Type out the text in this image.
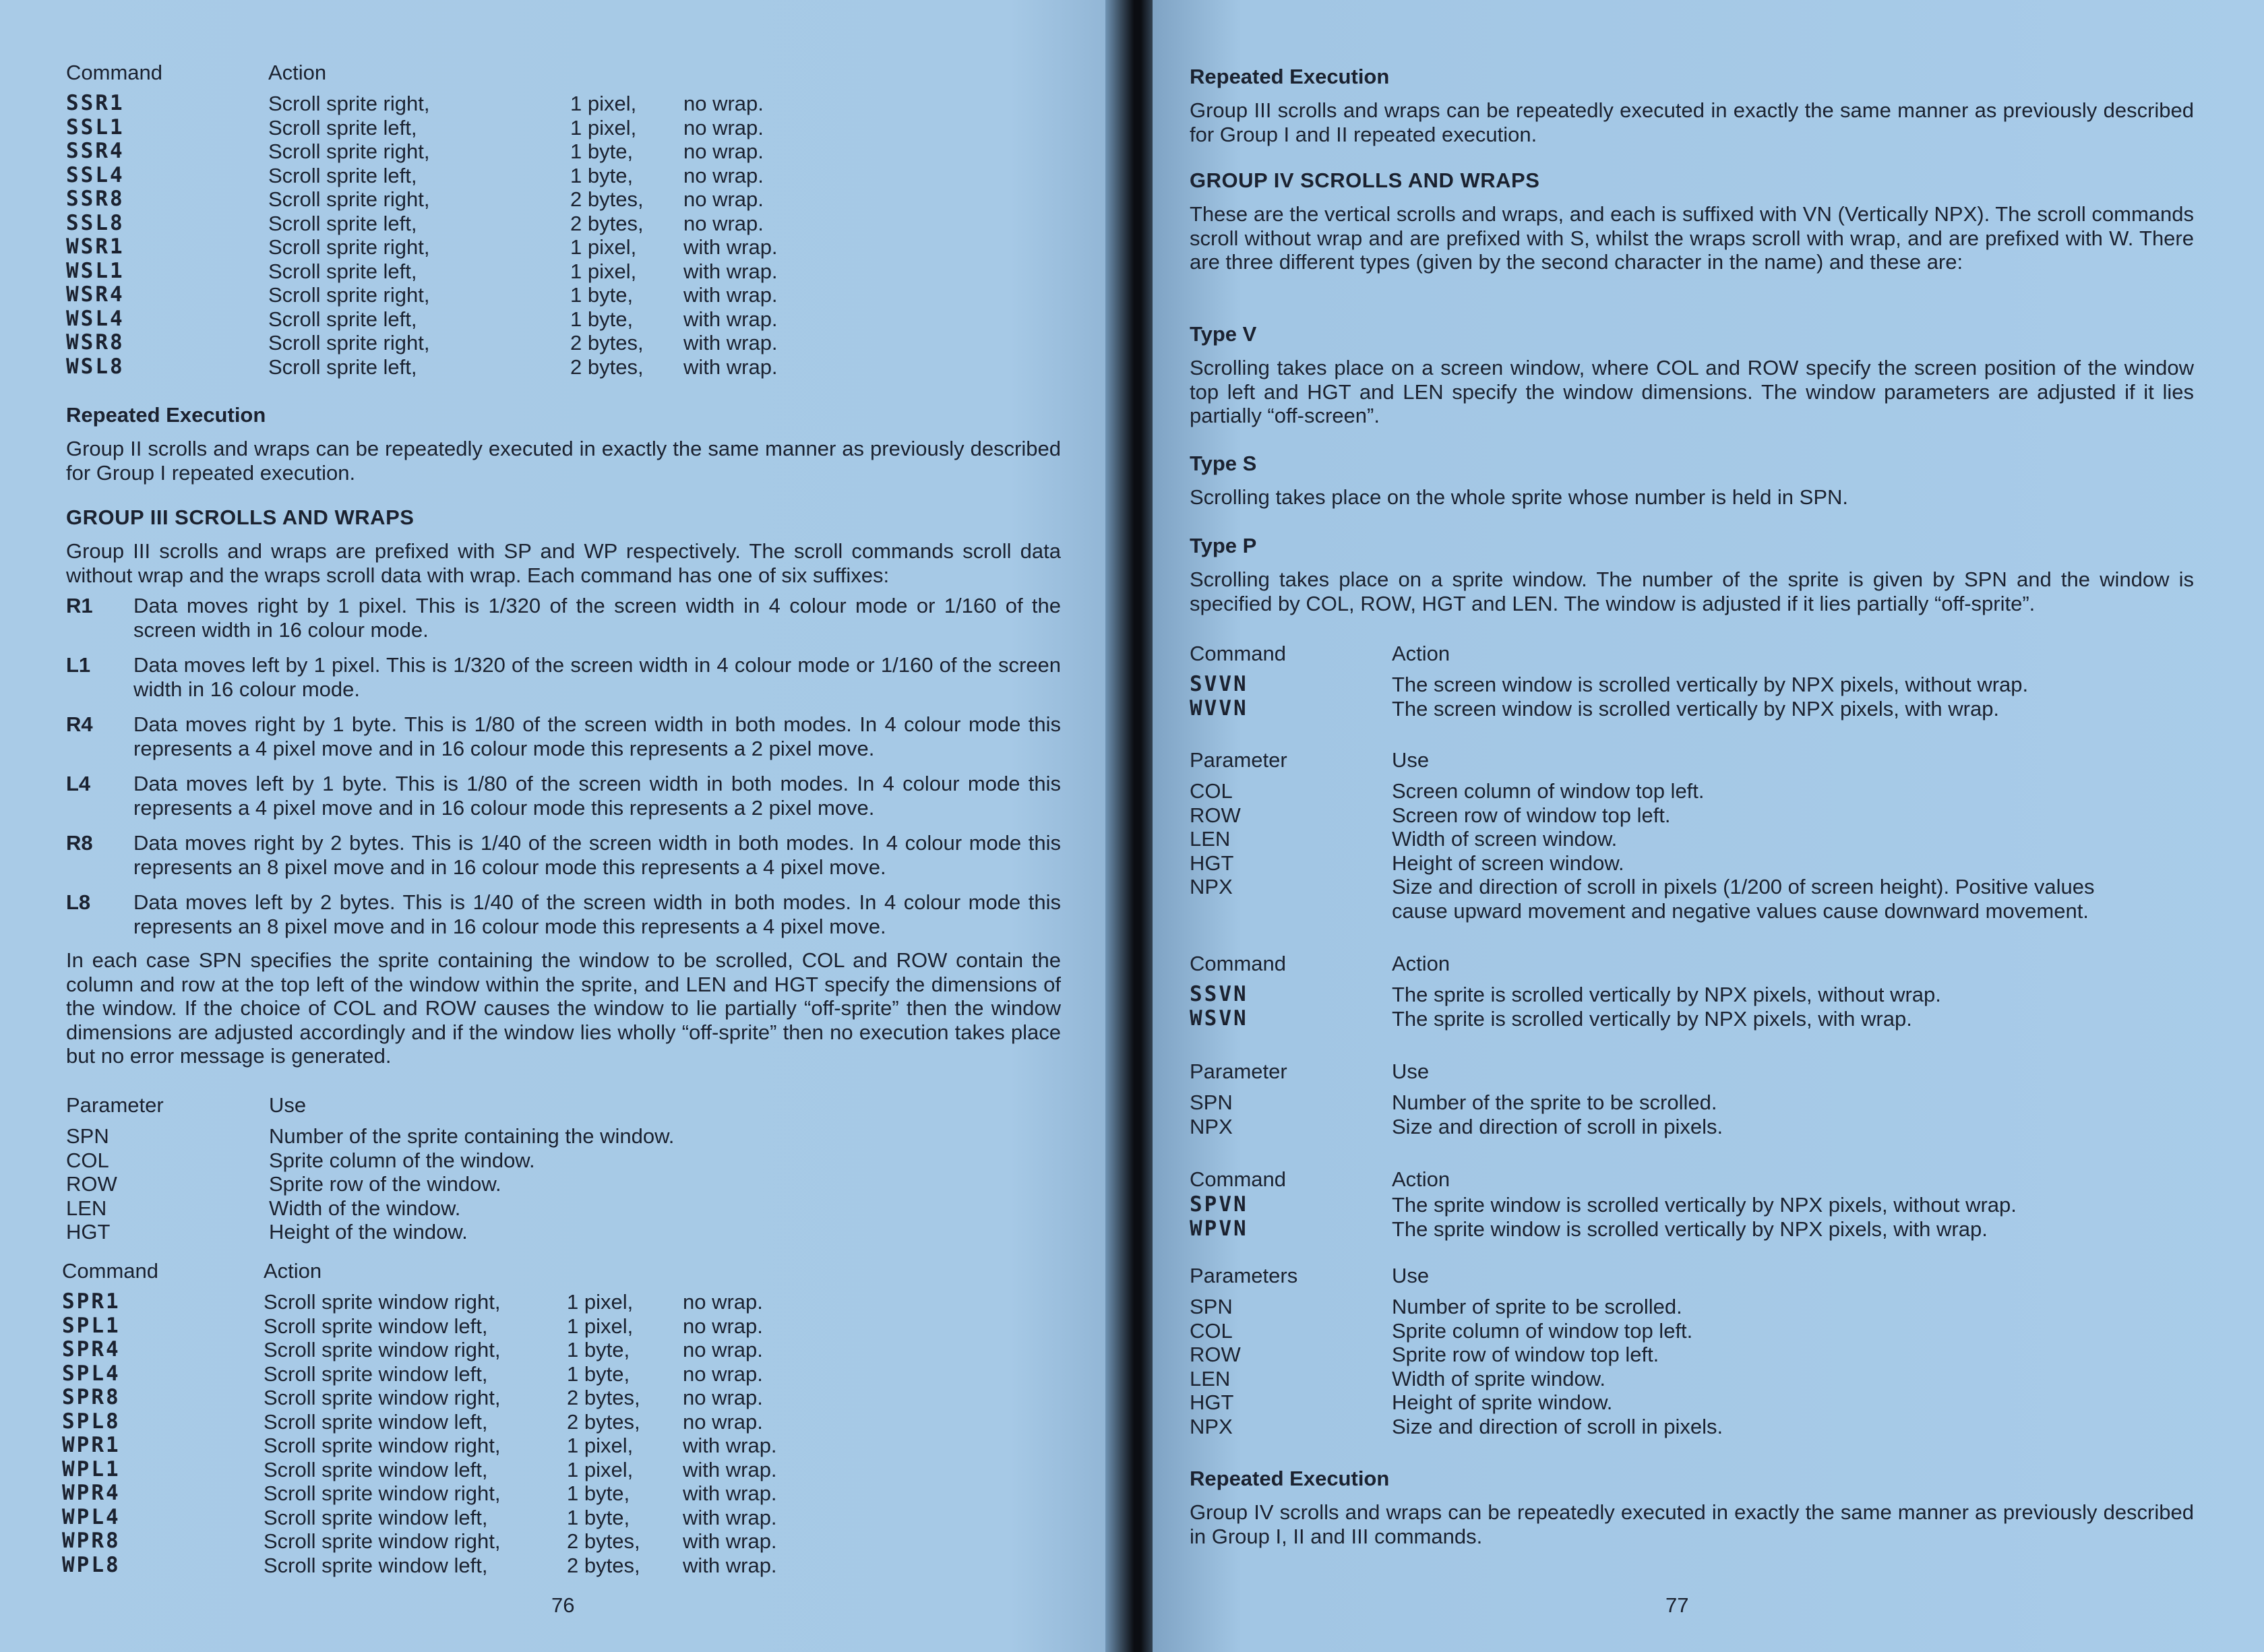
Command	Action		
SSR1	Scroll sprite right,	1 pixel,	no wrap.
SSL1	Scroll sprite left,	1 pixel,	no wrap.
SSR4	Scroll sprite right,	1 byte,	no wrap.
SSL4	Scroll sprite left,	1 byte,	no wrap.
SSR8	Scroll sprite right,	2 bytes,	no wrap.
SSL8	Scroll sprite left,	2 bytes,	no wrap.
WSR1	Scroll sprite right,	1 pixel,	with wrap.
WSL1	Scroll sprite left,	1 pixel,	with wrap.
WSR4	Scroll sprite right,	1 byte,	with wrap.
WSL4	Scroll sprite left,	1 byte,	with wrap.
WSR8	Scroll sprite right,	2 bytes,	with wrap.
WSL8	Scroll sprite left,	2 bytes,	with wrap.

Repeated Execution

Group II scrolls and wraps can be repeatedly executed in exactly the same manner as previously described for Group I repeated execution.

GROUP III SCROLLS AND WRAPS

Group III scrolls and wraps are prefixed with SP and WP respectively. The scroll commands scroll data without wrap and the wraps scroll data with wrap. Each command has one of six suffixes:

R1	Data moves right by 1 pixel. This is 1/320 of the screen width in 4 colour mode or 1/160 of the screen width in 16 colour mode.
L1	Data moves left by 1 pixel. This is 1/320 of the screen width in 4 colour mode or 1/160 of the screen width in 16 colour mode.
R4	Data moves right by 1 byte. This is 1/80 of the screen width in both modes. In 4 colour mode this represents a 4 pixel move and in 16 colour mode this represents a 2 pixel move.
L4	Data moves left by 1 byte. This is 1/80 of the screen width in both modes. In 4 colour mode this represents a 4 pixel move and in 16 colour mode this represents a 2 pixel move.
R8	Data moves right by 2 bytes. This is 1/40 of the screen width in both modes. In 4 colour mode this represents an 8 pixel move and in 16 colour mode this represents a 4 pixel move.
L8	Data moves left by 2 bytes. This is 1/40 of the screen width in both modes. In 4 colour mode this represents an 8 pixel move and in 16 colour mode this represents a 4 pixel move.

In each case SPN specifies the sprite containing the window to be scrolled, COL and ROW contain the column and row at the top left of the window within the sprite, and LEN and HGT specify the dimensions of the window. If the choice of COL and ROW causes the window to lie partially “off-sprite” then the window dimensions are adjusted accordingly and if the window lies wholly “off-sprite” then no execution takes place but no error message is generated.

Parameter	Use
SPN	Number of the sprite containing the window.
COL	Sprite column of the window.
ROW	Sprite row of the window.
LEN	Width of the window.
HGT	Height of the window.
Command	Action		
SPR1	Scroll sprite window right,	1 pixel,	no wrap.
SPL1	Scroll sprite window left,	1 pixel,	no wrap.
SPR4	Scroll sprite window right,	1 byte,	no wrap.
SPL4	Scroll sprite window left,	1 byte,	no wrap.
SPR8	Scroll sprite window right,	2 bytes,	no wrap.
SPL8	Scroll sprite window left,	2 bytes,	no wrap.
WPR1	Scroll sprite window right,	1 pixel,	with wrap.
WPL1	Scroll sprite window left,	1 pixel,	with wrap.
WPR4	Scroll sprite window right,	1 byte,	with wrap.
WPL4	Scroll sprite window left,	1 byte,	with wrap.
WPR8	Scroll sprite window right,	2 bytes,	with wrap.
WPL8	Scroll sprite window left,	2 bytes,	with wrap.
76

Repeated Execution

Group III scrolls and wraps can be repeatedly executed in exactly the same manner as previously described for Group I and II repeated execution.

GROUP IV SCROLLS AND WRAPS

These are the vertical scrolls and wraps, and each is suffixed with VN (Vertically NPX). The scroll commands scroll without wrap and are prefixed with S, whilst the wraps scroll with wrap, and are prefixed with W. There are three different types (given by the second character in the name) and these are:

Type V

Scrolling takes place on a screen window, where COL and ROW specify the screen position of the window top left and HGT and LEN specify the window dimensions. The window parameters are adjusted if it lies partially “off-screen”.

Type S

Scrolling takes place on the whole sprite whose number is held in SPN.

Type P

Scrolling takes place on a sprite window. The number of the sprite is given by SPN and the window is specified by COL, ROW, HGT and LEN. The window is adjusted if it lies partially “off-sprite”.

Command	Action
SVVN	The screen window is scrolled vertically by NPX pixels, without wrap.
WVVN	The screen window is scrolled vertically by NPX pixels, with wrap.
Parameter	Use
COL	Screen column of window top left.
ROW	Screen row of window top left.
LEN	Width of screen window.
HGT	Height of screen window.
NPX	Size and direction of scroll in pixels (1/200 of screen height). Positive values
	cause upward movement and negative values cause downward movement.
Command	Action
SSVN	The sprite is scrolled vertically by NPX pixels, without wrap.
WSVN	The sprite is scrolled vertically by NPX pixels, with wrap.
Parameter	Use
SPN	Number of the sprite to be scrolled.
NPX	Size and direction of scroll in pixels.
Command	Action
SPVN	The sprite window is scrolled vertically by NPX pixels, without wrap.
WPVN	The sprite window is scrolled vertically by NPX pixels, with wrap.
Parameters	Use
SPN	Number of sprite to be scrolled.
COL	Sprite column of window top left.
ROW	Sprite row of window top left.
LEN	Width of sprite window.
HGT	Height of sprite window.
NPX	Size and direction of scroll in pixels.

Repeated Execution

Group IV scrolls and wraps can be repeatedly executed in exactly the same manner as previously described in Group I, II and III commands.

77
